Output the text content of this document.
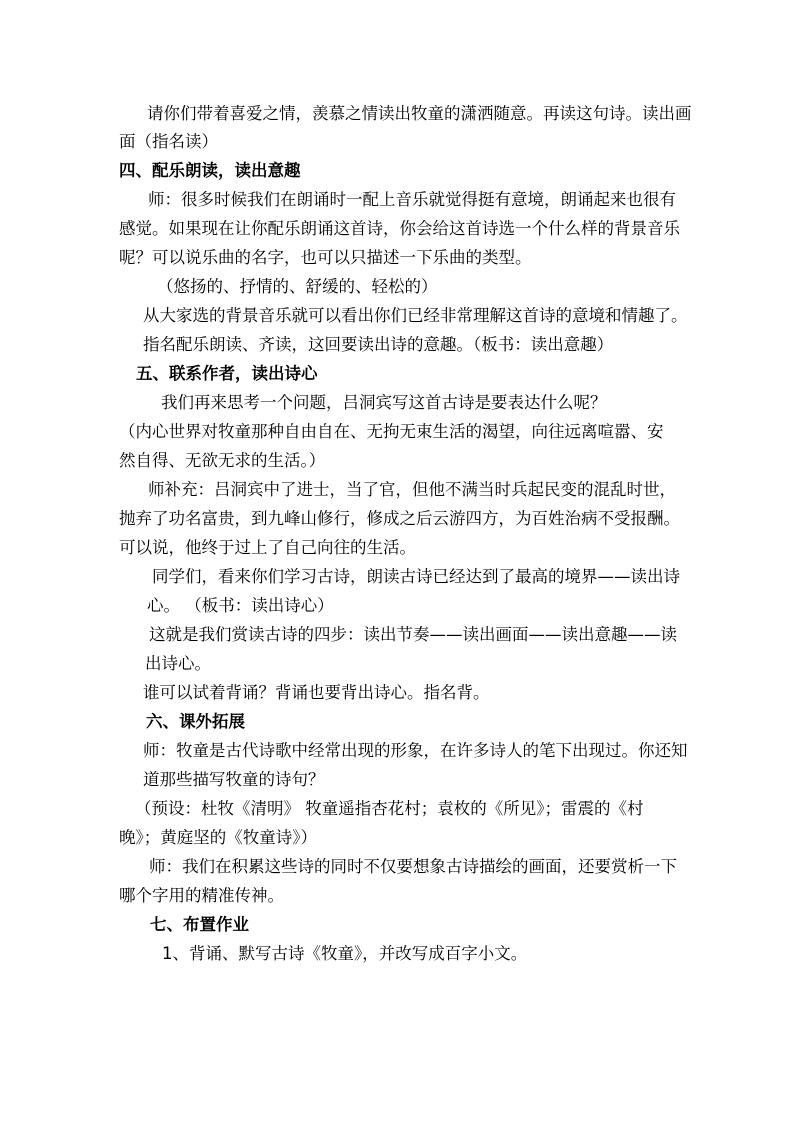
请你们带着喜爱之情，羡慕之情读出牧童的潇洒随意。再读这句诗。读出画
面（指名读）
四、配乐朗读，读出意趣
师：很多时候我们在朗诵时一配上音乐就觉得挺有意境，朗诵起来也很有
感觉。如果现在让你配乐朗诵这首诗，你会给这首诗选一个什么样的背景音乐
呢？可以说乐曲的名字，也可以只描述一下乐曲的类型。
（悠扬的、抒情的、舒缓的、轻松的）
从大家选的背景音乐就可以看出你们已经非常理解这首诗的意境和情趣了。
指名配乐朗读、齐读，这回要读出诗的意趣。（板书：读出意趣）
五、联系作者，读出诗心
我们再来思考一个问题，吕洞宾写这首古诗是要表达什么呢？
（内心世界对牧童那种自由自在、无拘无束生活的渴望，向往远离喧嚣、安
然自得、无欲无求的生活。）
师补充：吕洞宾中了进士，当了官，但他不满当时兵起民变的混乱时世，
抛弃了功名富贵，到九峰山修行，修成之后云游四方，为百姓治病不受报酬。
可以说，他终于过上了自己向往的生活。
同学们，看来你们学习古诗，朗读古诗已经达到了最高的境界——读出诗
心。 （板书：读出诗心）
这就是我们赏读古诗的四步：读出节奏——读出画面——读出意趣——读
出诗心。
谁可以试着背诵？背诵也要背出诗心。指名背。
六、课外拓展
师：牧童是古代诗歌中经常出现的形象，在许多诗人的笔下出现过。你还知
道那些描写牧童的诗句？
（预设：杜牧《清明》 牧童遥指杏花村；袁枚的《所见》；雷震的《村
晚》；黄庭坚的《牧童诗》）
师：我们在积累这些诗的同时不仅要想象古诗描绘的画面，还要赏析一下
哪个字用的精准传神。
七、布置作业
1、背诵、默写古诗《牧童》，并改写成百字小文。
